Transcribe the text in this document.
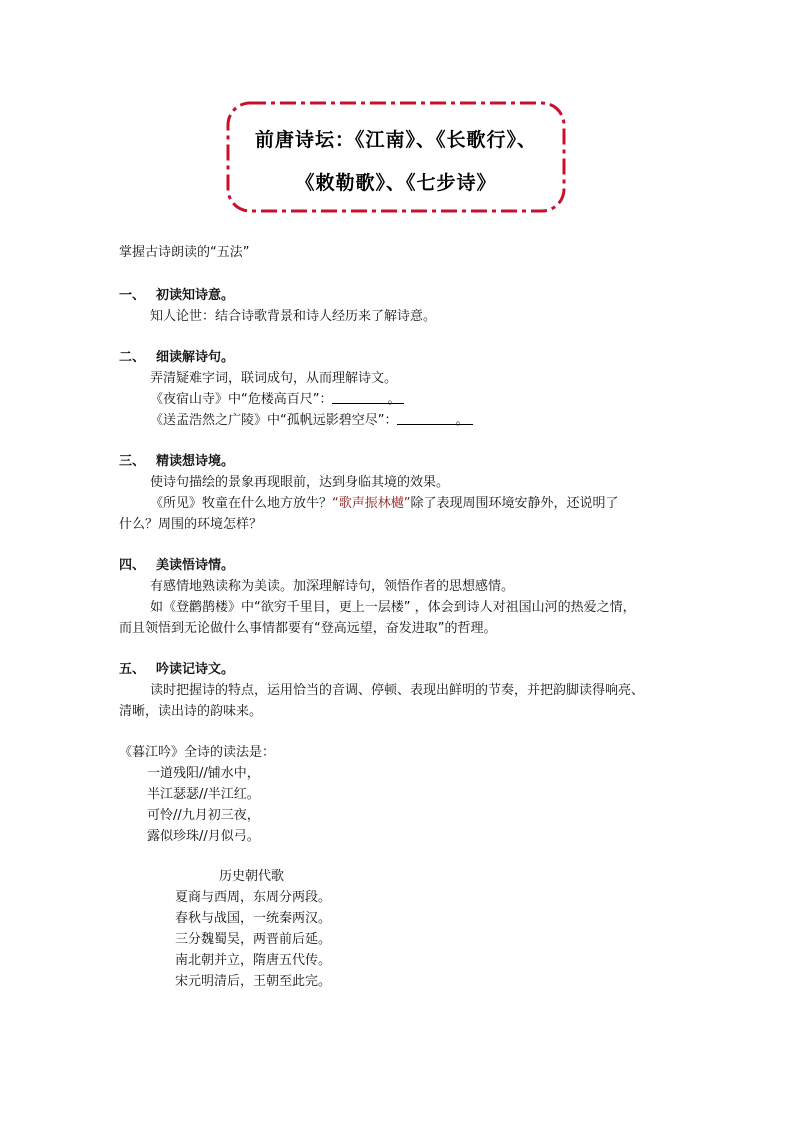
前唐诗坛：《江南》、《长歌行》、
《敕勒歌》、《七步诗》
掌握古诗朗读的“五法”
一、 初读知诗意。
知人论世：结合诗歌背景和诗人经历来了解诗意。
二、 细读解诗句。
弄清疑难字词，联词成句，从而理解诗文。
《夜宿山寺》中“危楼高百尺”：	。
《送孟浩然之广陵》中“孤帆远影碧空尽”：	。
三、 精读想诗境。
使诗句描绘的景象再现眼前，达到身临其境的效果。
《所见》牧童在什么地方放牛？“歌声振林樾”除了表现周围环境安静外，还说明了
什么？周围的环境怎样？
四、 美读悟诗情。
有感情地熟读称为美读。加深理解诗句，领悟作者的思想感情。
如《登鹳鹊楼》中“欲穷千里目，更上一层楼” ，体会到诗人对祖国山河的热爱之情，
而且领悟到无论做什么事情都要有“登高远望，奋发进取”的哲理。
五、 吟读记诗文。
读时把握诗的特点，运用恰当的音调、停顿、表现出鲜明的节奏，并把韵脚读得响亮、
清晰，读出诗的韵味来。
《暮江吟》全诗的读法是：
一道残阳//铺水中，
半江瑟瑟//半江红。
可怜//九月初三夜，
露似珍珠//月似弓。
历史朝代歌
夏商与西周，东周分两段。
春秋与战国，一统秦两汉。
三分魏蜀吴，两晋前后延。
南北朝并立，隋唐五代传。
宋元明清后，王朝至此完。
